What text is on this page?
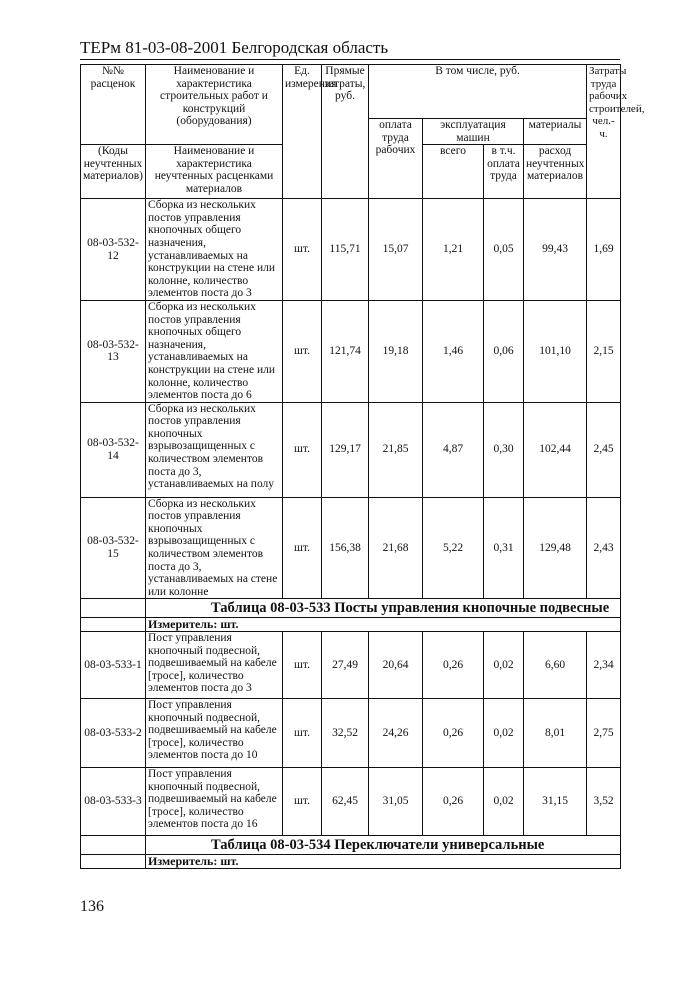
ТЕРм 81-03-08-2001 Белгородская область
№№ расценок	Наименование и характеристика строительных работ и конструкций (оборудования)	Ед. измерения	Прямые затраты, руб.	В том числе, руб.				Затраты труда рабочих строителей, чел.-ч.
				оплата труда рабочих	эксплуатация машин		материалы	
(Коды неучтенных материалов)	Наименование и характеристика неучтенных расценками материалов				всего	в т.ч. оплата труда	расход неучтенных материалов	

08-03-532-12	Сборка из нескольких постов управления кнопочных общего назначения, устанавливаемых на конструкции на стене или колонне, количество элементов поста до 3	шт.	115,71	15,07	1,21	0,05	99,43	1,69
08-03-532-13	Сборка из нескольких постов управления кнопочных общего назначения, устанавливаемых на конструкции на стене или колонне, количество элементов поста до 6	шт.	121,74	19,18	1,46	0,06	101,10	2,15
08-03-532-14	Сборка из нескольких постов управления кнопочных взрывозащищенных с количеством элементов поста до 3, устанавливаемых на полу	шт.	129,17	21,85	4,87	0,30	102,44	2,45
08-03-532-15	Сборка из нескольких постов управления кнопочных взрывозащищенных с количеством элементов поста до 3, устанавливаемых на стене или колонне	шт.	156,38	21,68	5,22	0,31	129,48	2,43
	Таблица 08-03-533 Посты управления кнопочные подвесные							
	Измеритель: шт.							
08-03-533-1	Пост управления кнопочный подвесной, подвешиваемый на кабеле [тросе], количество элементов поста до 3	шт.	27,49	20,64	0,26	0,02	6,60	2,34
08-03-533-2	Пост управления кнопочный подвесной, подвешиваемый на кабеле [тросе], количество элементов поста до 10	шт.	32,52	24,26	0,26	0,02	8,01	2,75
08-03-533-3	Пост управления кнопочный подвесной, подвешиваемый на кабеле [тросе], количество элементов поста до 16	шт.	62,45	31,05	0,26	0,02	31,15	3,52
	Таблица 08-03-534 Переключатели универсальные							
	Измеритель: шт.							
136
